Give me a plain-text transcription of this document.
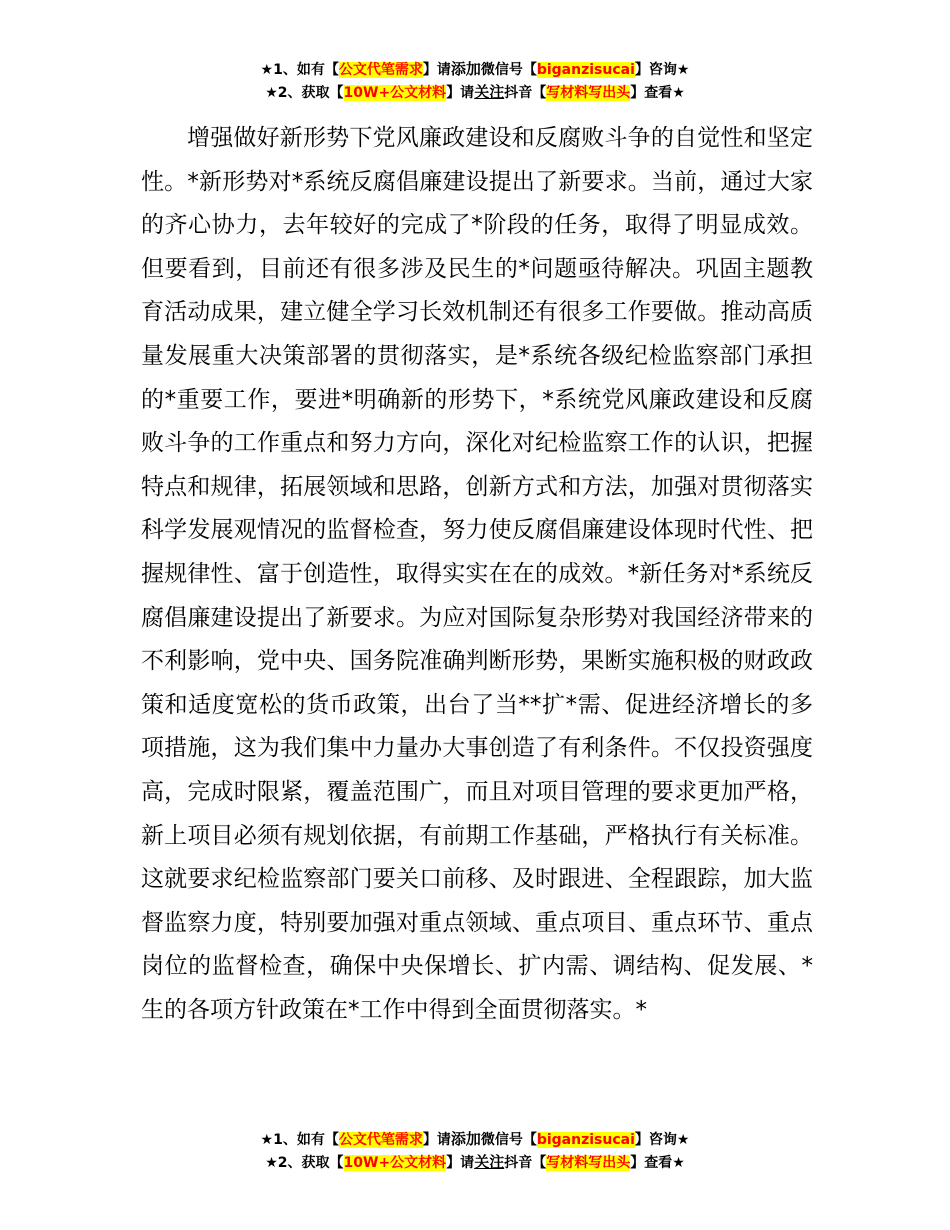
★1、如有【公文代笔需求】请添加微信号【biganzisucai】咨询★
★2、获取【10W+公文材料】请关注抖音【写材料写出头】查看★

增强做好新形势下党风廉政建设和反腐败斗争的自觉性和坚定性。*新形势对*系统反腐倡廉建设提出了新要求。当前，通过大家的齐心协力，去年较好的完成了*阶段的任务，取得了明显成效。但要看到，目前还有很多涉及民生的*问题亟待解决。巩固主题教育活动成果，建立健全学习长效机制还有很多工作要做。推动高质量发展重大决策部署的贯彻落实，是*系统各级纪检监察部门承担的*重要工作，要进*明确新的形势下，*系统党风廉政建设和反腐败斗争的工作重点和努力方向，深化对纪检监察工作的认识，把握特点和规律，拓展领域和思路，创新方式和方法，加强对贯彻落实科学发展观情况的监督检查，努力使反腐倡廉建设体现时代性、把握规律性、富于创造性，取得实实在在的成效。*新任务对*系统反腐倡廉建设提出了新要求。为应对国际复杂形势对我国经济带来的不利影响，党中央、国务院准确判断形势，果断实施积极的财政政策和适度宽松的货币政策，出台了当**扩*需、促进经济增长的多项措施，这为我们集中力量办大事创造了有利条件。不仅投资强度高，完成时限紧，覆盖范围广，而且对项目管理的要求更加严格，新上项目必须有规划依据，有前期工作基础，严格执行有关标准。这就要求纪检监察部门要关口前移、及时跟进、全程跟踪，加大监督监察力度，特别要加强对重点领域、重点项目、重点环节、重点岗位的监督检查，确保中央保增长、扩内需、调结构、促发展、*生的各项方针政策在*工作中得到全面贯彻落实。*

★1、如有【公文代笔需求】请添加微信号【biganzisucai】咨询★
★2、获取【10W+公文材料】请关注抖音【写材料写出头】查看★
